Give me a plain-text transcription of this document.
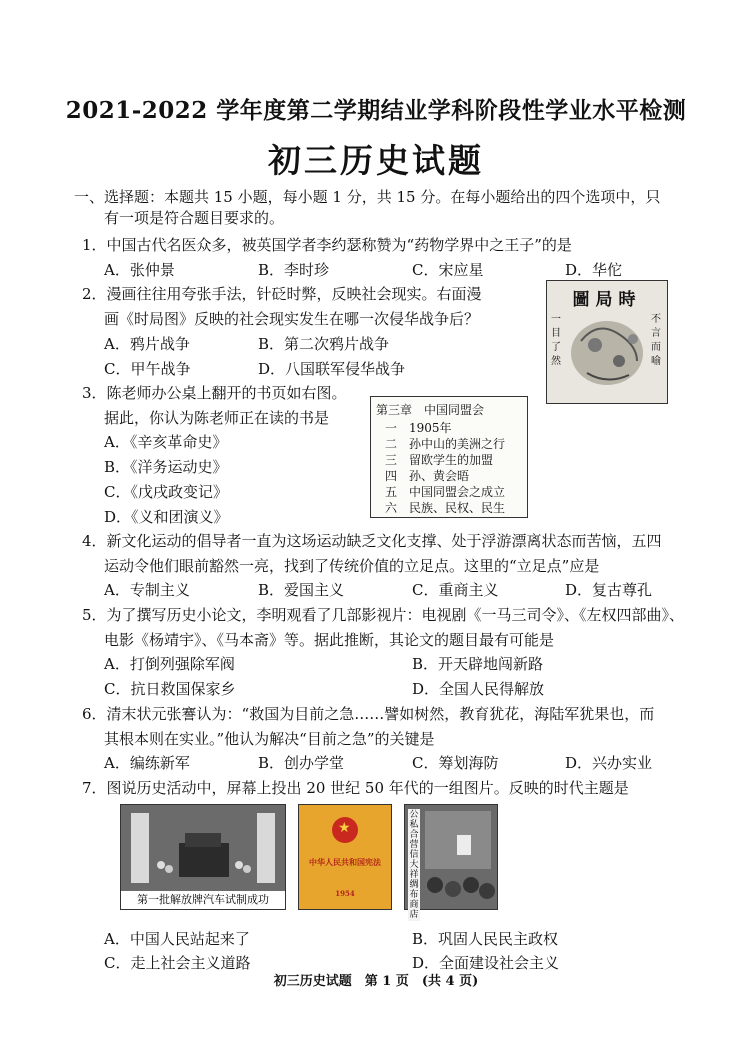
2021-2022 学年度第二学期结业学科阶段性学业水平检测
初三历史试题
一、选择题：本题共 15 小题，每小题 1 分，共 15 分。在每小题给出的四个选项中，只
有一项是符合题目要求的。
1．中国古代名医众多，被英国学者李约瑟称赞为“药物学界中之王子”的是
A．张仲景	B．李时珍	C．宋应星	D．华佗
2．漫画往往用夸张手法，针砭时弊，反映社会现实。右面漫
画《时局图》反映的社会现实发生在哪一次侵华战争后？
A．鸦片战争	B．第二次鸦片战争
C．甲午战争	D．八国联军侵华战争
圖局時
一目了然
不言而喻
3．陈老师办公桌上翻开的书页如右图。
据此，你认为陈老师正在读的书是
A．《辛亥革命史》
B．《洋务运动史》
C．《戊戌政变记》
D．《义和团演义》
第三章　中国同盟会
一　1905年
二　孙中山的美洲之行
三　留欧学生的加盟
四　孙、黄会晤
五　中国同盟会之成立
六　民族、民权、民生
4．新文化运动的倡导者一直为这场运动缺乏文化支撑、处于浮游漂离状态而苦恼，五四
运动令他们眼前豁然一亮，找到了传统价值的立足点。这里的“立足点”应是
A．专制主义	B．爱国主义	C．重商主义	D．复古尊孔
5．为了撰写历史小论文，李明观看了几部影视片：电视剧《一马三司令》、《左权四部曲》、
电影《杨靖宇》、《马本斋》等。据此推断，其论文的题目最有可能是
A．打倒列强除军阀	B．开天辟地闯新路
C．抗日救国保家乡	D．全国人民得解放
6．清末状元张謇认为：“救国为目前之急……譬如树然，教育犹花，海陆军犹果也，而
其根本则在实业。”他认为解决“目前之急”的关键是
A．编练新军	B．创办学堂	C．筹划海防	D．兴办实业
7．图说历史活动中，屏幕上投出 20 世纪 50 年代的一组图片。反映的时代主题是
第一批解放牌汽车试制成功
★
中华人民共和国宪法
1954
公私合营信大祥绸布商店
A．中国人民站起来了	B．巩固人民民主政权
C．走上社会主义道路	D．全面建设社会主义
初三历史试题　第 1 页　(共 4 页)
